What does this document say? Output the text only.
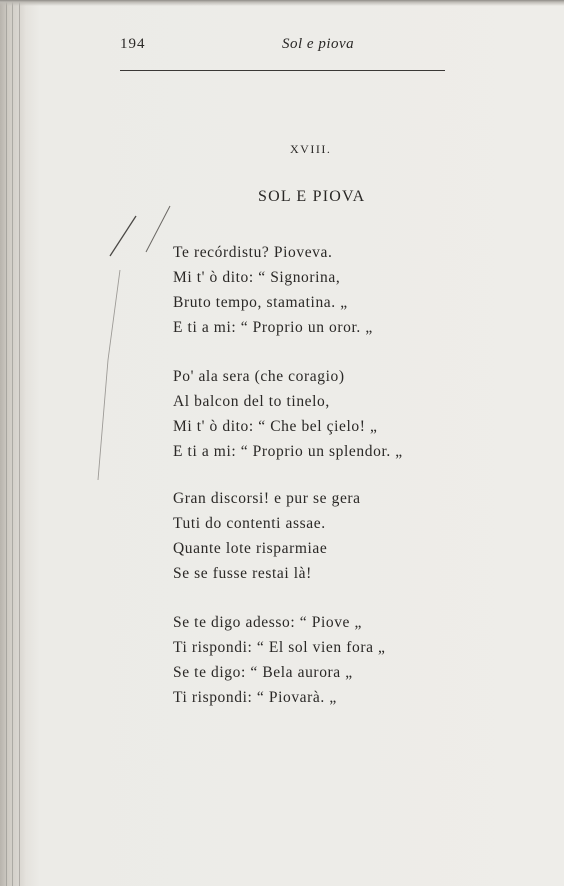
194	Sol e piova
XVIII.
SOL E PIOVA
Te recórdistu? Pioveva.
Mi t' ò dito: “ Signorina,
Bruto tempo, stamatina. „
E ti a mi: “ Proprio un oror. „
Po' ala sera (che coragio)
Al balcon del to tinelo,
Mi t' ò dito: “ Che bel çielo! „
E ti a mi: “ Proprio un splendor. „
Gran discorsi! e pur se gera
Tuti do contenti assae.
Quante lote risparmiae
Se se fusse restai là!
Se te digo adesso: “ Piove „
Ti rispondi: “ El sol vien fora „
Se te digo: “ Bela aurora „
Ti rispondi: “ Piovarà. „
